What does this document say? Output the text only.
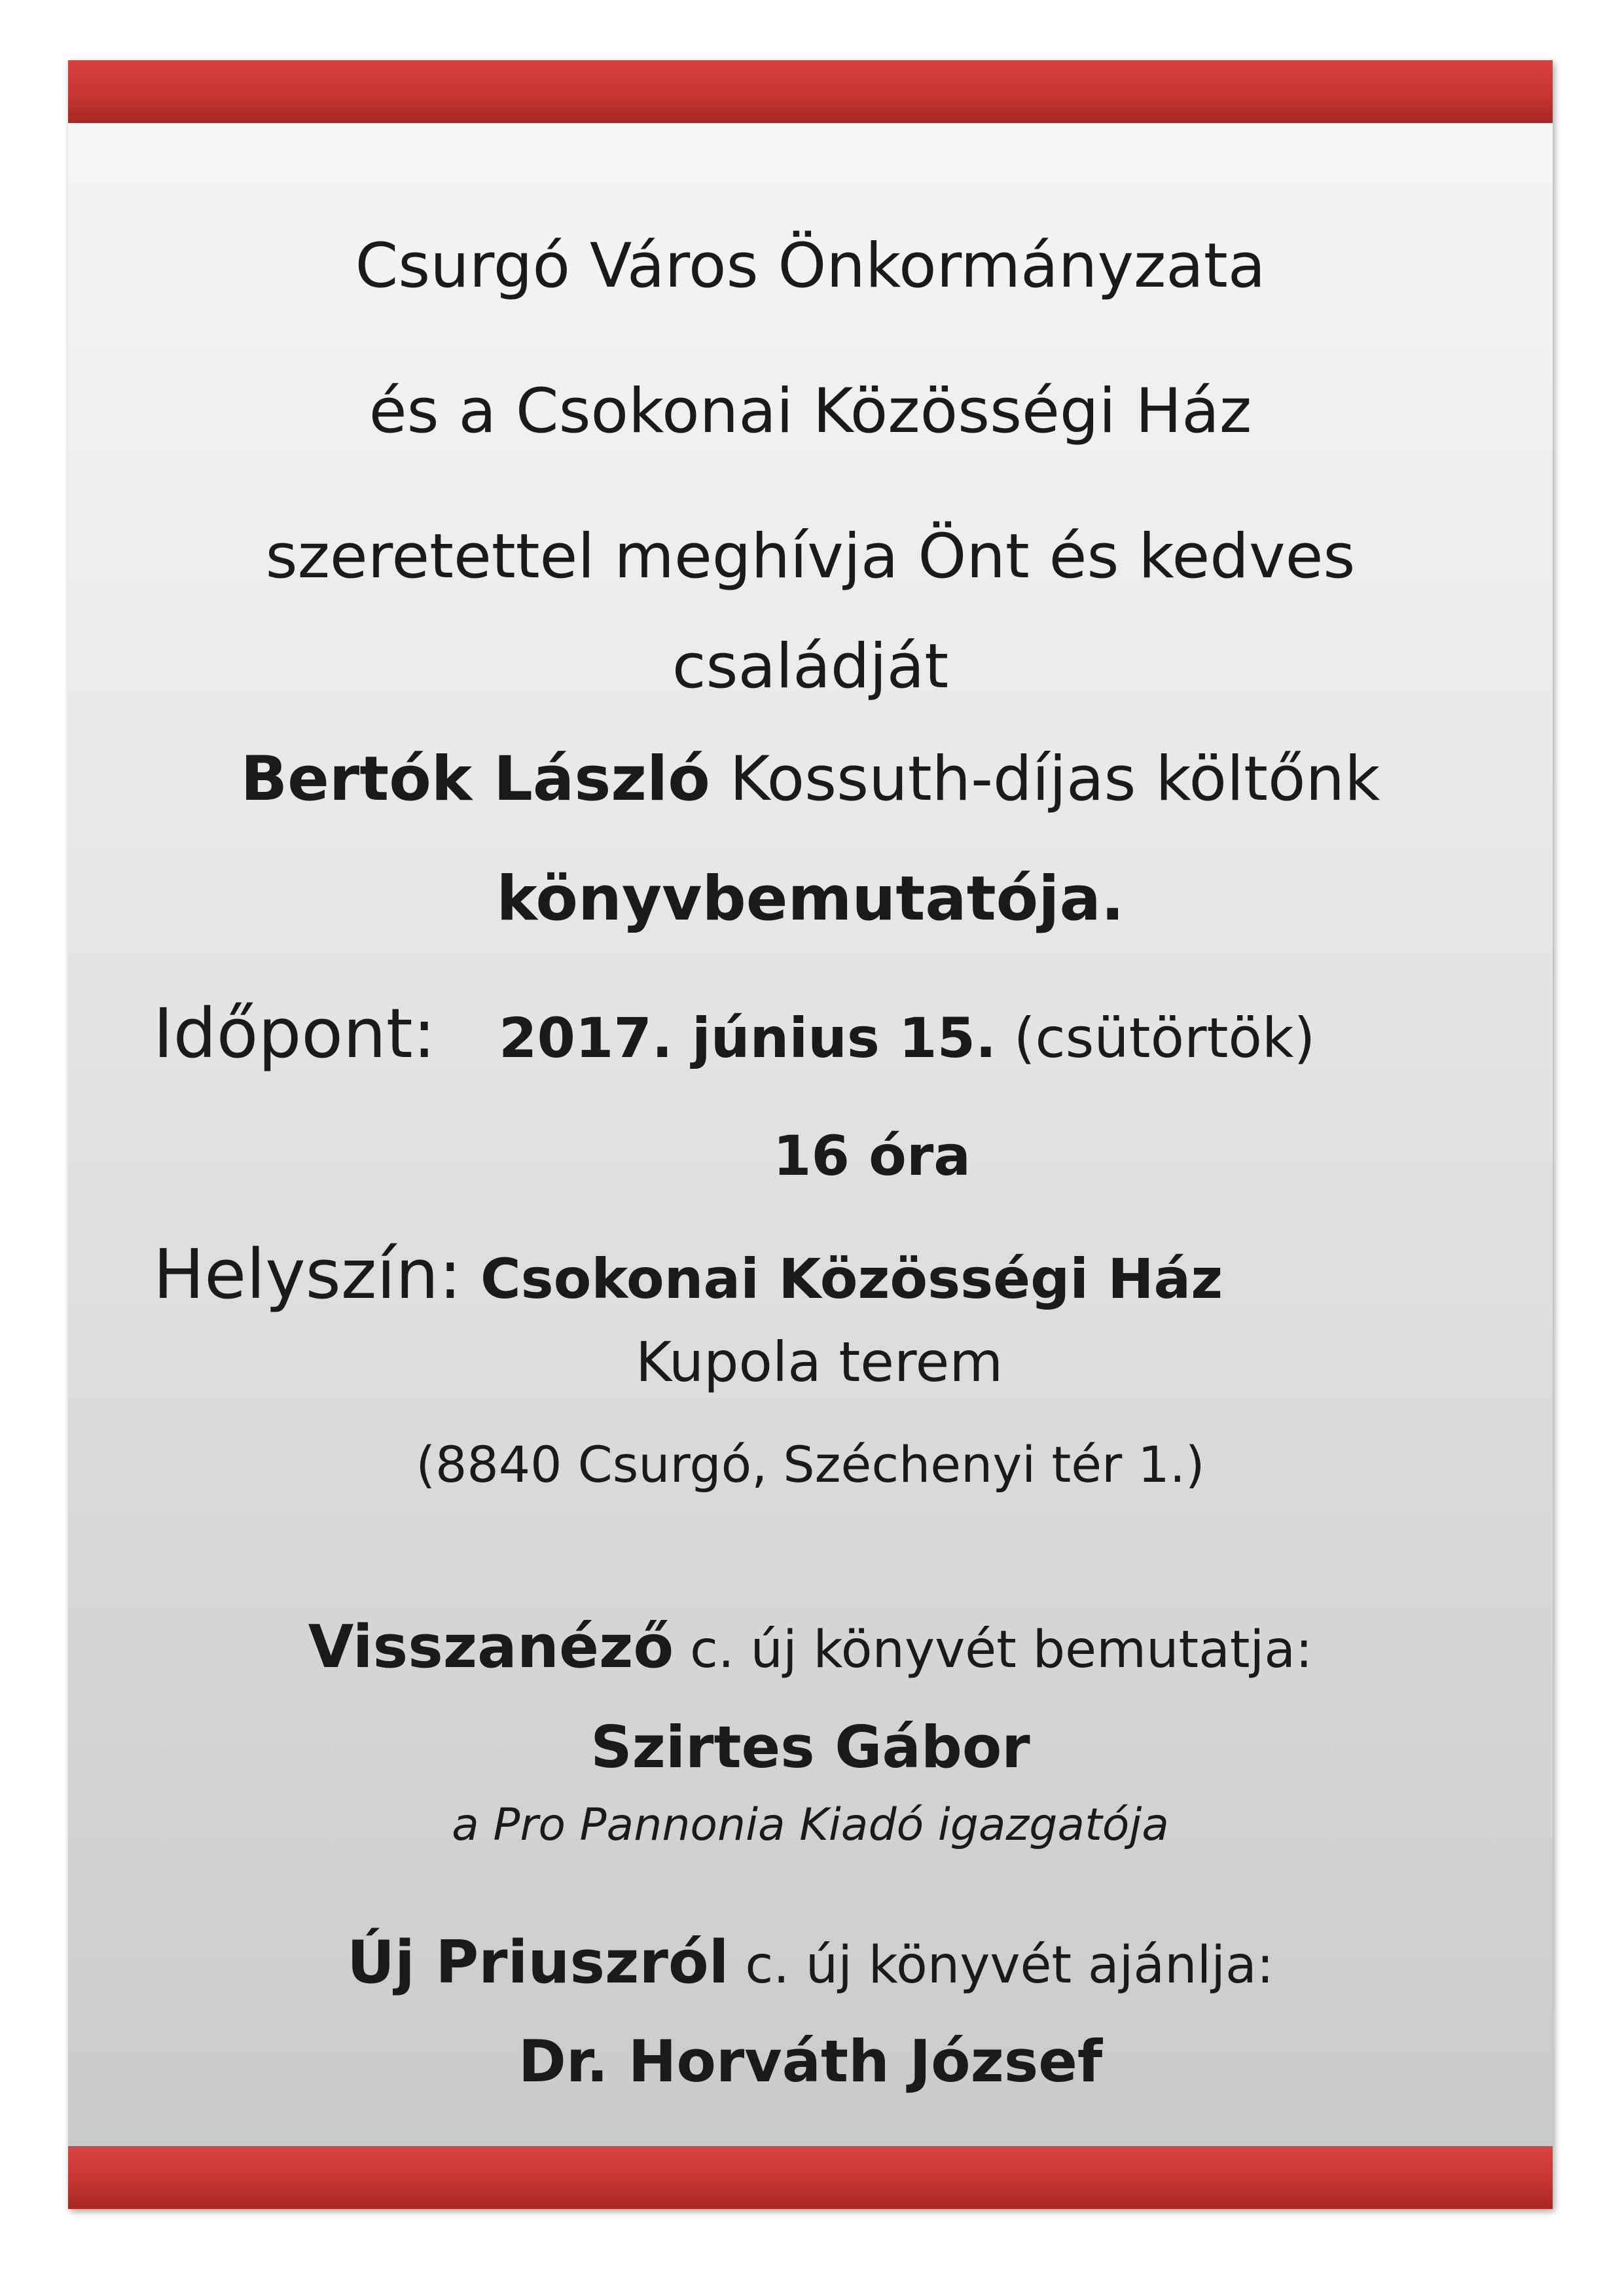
Csurgó Város Önkormányzata
és a Csokonai Közösségi Ház
szeretettel meghívja Önt és kedves
családját
Bertók László Kossuth-díjas költőnk
könyvbemutatója.
Időpont: 2017. június 15. (csütörtök)
16 óra
Helyszín: Csokonai Közösségi Ház
Kupola terem
(8840 Csurgó, Széchenyi tér 1.)
Visszanéző c. új könyvét bemutatja:
Szirtes Gábor
a Pro Pannonia Kiadó igazgatója
Új Priuszról c. új könyvét ajánlja:
Dr. Horváth József
